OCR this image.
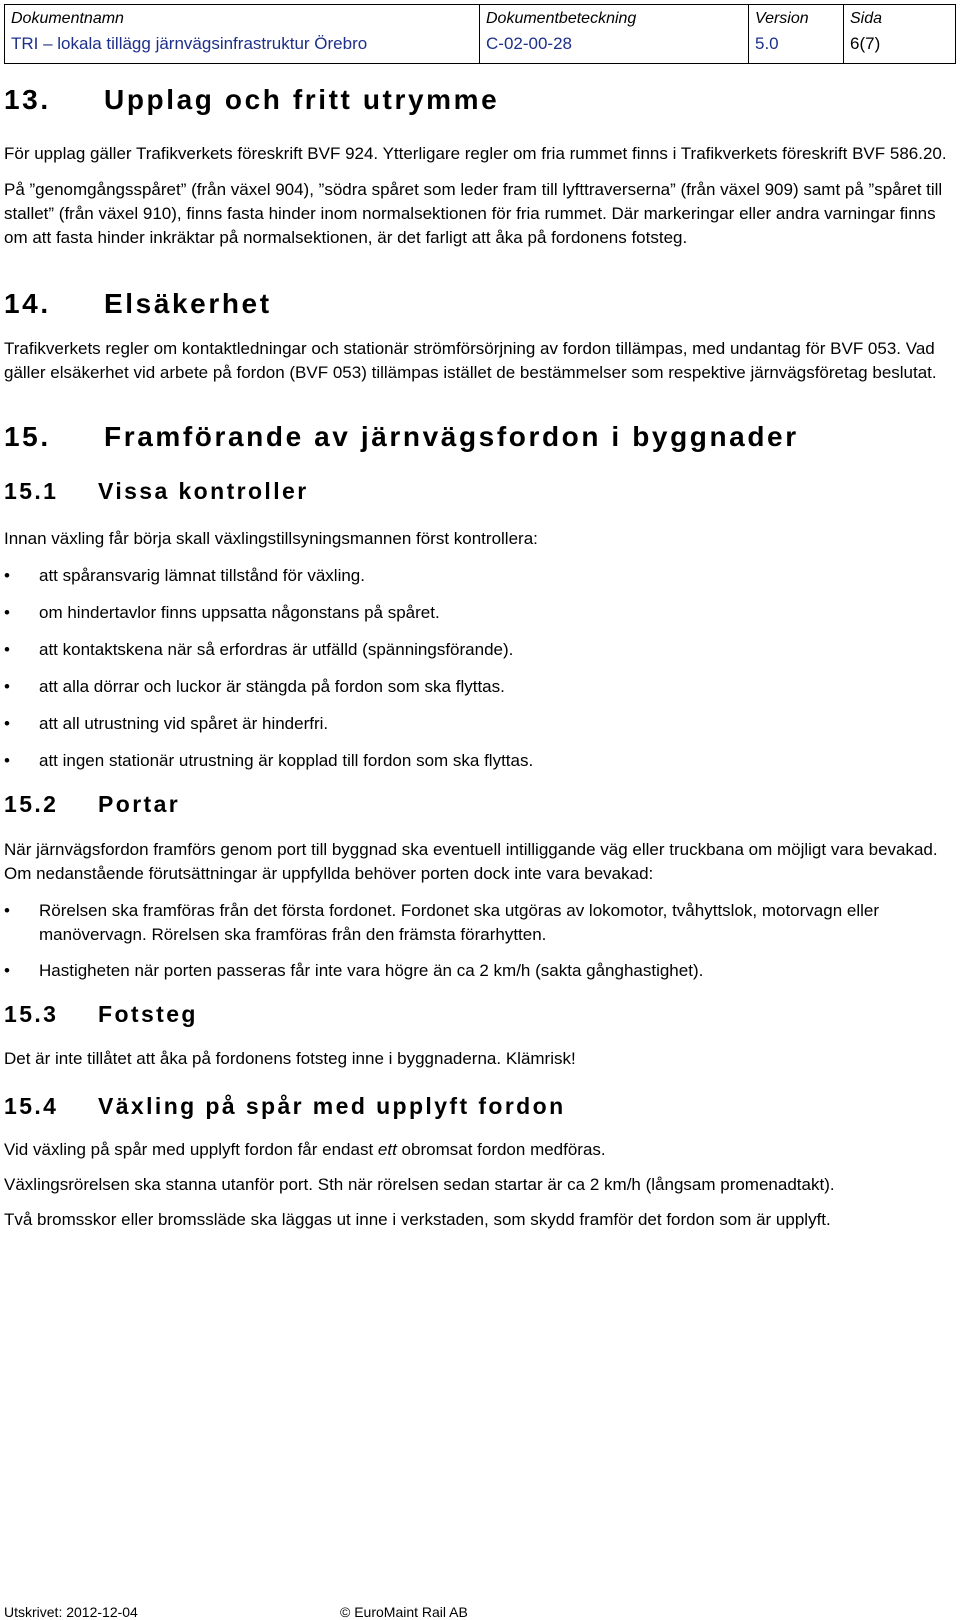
Dokumentnamn
TRI – lokala tillägg järnvägsinfrastruktur Örebro

Dokumentbeteckning
C-02-00-28

Version
5.0

Sida
6(7)
13. Upplag och fritt utrymme

För upplag gäller Trafikverkets föreskrift BVF 924. Ytterligare regler om fria rummet finns i Trafikverkets föreskrift BVF 586.20.

På ”genomgångsspåret” (från växel 904), ”södra spåret som leder fram till lyfttraverserna” (från växel 909) samt på ”spåret till stallet” (från växel 910), finns fasta hinder inom normalsektionen för fria rummet. Där markeringar eller andra varningar finns om att fasta hinder inkräktar på normalsektionen, är det farligt att åka på fordonens fotsteg.

14. Elsäkerhet

Trafikverkets regler om kontaktledningar och stationär strömförsörjning av fordon tillämpas, med undantag för BVF 053. Vad gäller elsäkerhet vid arbete på fordon (BVF 053) tillämpas istället de bestämmelser som respektive järnvägsföretag beslutat.

15. Framförande av järnvägsfordon i byggnader
15.1 Vissa kontroller

Innan växling får börja skall växlingstillsyningsmannen först kontrollera:

• att spåransvarig lämnat tillstånd för växling.
• om hindertavlor finns uppsatta någonstans på spåret.
• att kontaktskena när så erfordras är utfälld (spänningsförande).
• att alla dörrar och luckor är stängda på fordon som ska flyttas.
• att all utrustning vid spåret är hinderfri.
• att ingen stationär utrustning är kopplad till fordon som ska flyttas.
15.2 Portar

När järnvägsfordon framförs genom port till byggnad ska eventuell intilliggande väg eller truckbana om möjligt vara bevakad. Om nedanstående förutsättningar är uppfyllda behöver porten dock inte vara bevakad:

• Rörelsen ska framföras från det första fordonet. Fordonet ska utgöras av lokomotor, tvåhyttslok, motorvagn eller manövervagn. Rörelsen ska framföras från den främsta förarhytten.
• Hastigheten när porten passeras får inte vara högre än ca 2 km/h (sakta gånghastighet).
15.3 Fotsteg

Det är inte tillåtet att åka på fordonens fotsteg inne i byggnaderna. Klämrisk!

15.4 Växling på spår med upplyft fordon

Vid växling på spår med upplyft fordon får endast ett obromsat fordon medföras.

Växlingsrörelsen ska stanna utanför port. Sth när rörelsen sedan startar är ca 2 km/h (långsam promenadtakt).

Två bromsskor eller bromssläde ska läggas ut inne i verkstaden, som skydd framför det fordon som är upplyft.

Utskrivet: 2012-12-04	© EuroMaint Rail AB
